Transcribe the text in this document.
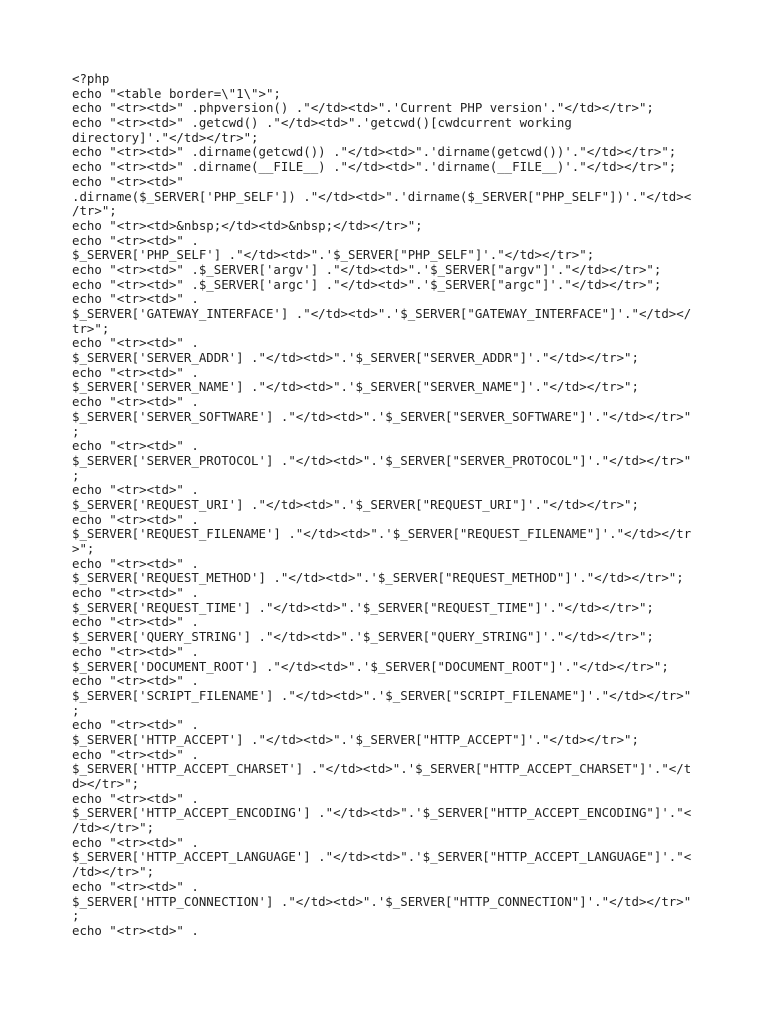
<?php
echo "<table border=\"1\">";
echo "<tr><td>" .phpversion() ."</td><td>".'Current PHP version'."</td></tr>";
echo "<tr><td>" .getcwd() ."</td><td>".'getcwd()[cwdcurrent working
directory]'."</td></tr>";
echo "<tr><td>" .dirname(getcwd()) ."</td><td>".'dirname(getcwd())'."</td></tr>";
echo "<tr><td>" .dirname(__FILE__) ."</td><td>".'dirname(__FILE__)'."</td></tr>";
echo "<tr><td>"
.dirname($_SERVER['PHP_SELF']) ."</td><td>".'dirname($_SERVER["PHP_SELF"])'."</td><
/tr>";
echo "<tr><td>&nbsp;</td><td>&nbsp;</td></tr>";
echo "<tr><td>" .
$_SERVER['PHP_SELF'] ."</td><td>".'$_SERVER["PHP_SELF"]'."</td></tr>";
echo "<tr><td>" .$_SERVER['argv'] ."</td><td>".'$_SERVER["argv"]'."</td></tr>";
echo "<tr><td>" .$_SERVER['argc'] ."</td><td>".'$_SERVER["argc"]'."</td></tr>";
echo "<tr><td>" .
$_SERVER['GATEWAY_INTERFACE'] ."</td><td>".'$_SERVER["GATEWAY_INTERFACE"]'."</td></
tr>";
echo "<tr><td>" .
$_SERVER['SERVER_ADDR'] ."</td><td>".'$_SERVER["SERVER_ADDR"]'."</td></tr>";
echo "<tr><td>" .
$_SERVER['SERVER_NAME'] ."</td><td>".'$_SERVER["SERVER_NAME"]'."</td></tr>";
echo "<tr><td>" .
$_SERVER['SERVER_SOFTWARE'] ."</td><td>".'$_SERVER["SERVER_SOFTWARE"]'."</td></tr>"
;
echo "<tr><td>" .
$_SERVER['SERVER_PROTOCOL'] ."</td><td>".'$_SERVER["SERVER_PROTOCOL"]'."</td></tr>"
;
echo "<tr><td>" .
$_SERVER['REQUEST_URI'] ."</td><td>".'$_SERVER["REQUEST_URI"]'."</td></tr>";
echo "<tr><td>" .
$_SERVER['REQUEST_FILENAME'] ."</td><td>".'$_SERVER["REQUEST_FILENAME"]'."</td></tr
>";
echo "<tr><td>" .
$_SERVER['REQUEST_METHOD'] ."</td><td>".'$_SERVER["REQUEST_METHOD"]'."</td></tr>";
echo "<tr><td>" .
$_SERVER['REQUEST_TIME'] ."</td><td>".'$_SERVER["REQUEST_TIME"]'."</td></tr>";
echo "<tr><td>" .
$_SERVER['QUERY_STRING'] ."</td><td>".'$_SERVER["QUERY_STRING"]'."</td></tr>";
echo "<tr><td>" .
$_SERVER['DOCUMENT_ROOT'] ."</td><td>".'$_SERVER["DOCUMENT_ROOT"]'."</td></tr>";
echo "<tr><td>" .
$_SERVER['SCRIPT_FILENAME'] ."</td><td>".'$_SERVER["SCRIPT_FILENAME"]'."</td></tr>"
;
echo "<tr><td>" .
$_SERVER['HTTP_ACCEPT'] ."</td><td>".'$_SERVER["HTTP_ACCEPT"]'."</td></tr>";
echo "<tr><td>" .
$_SERVER['HTTP_ACCEPT_CHARSET'] ."</td><td>".'$_SERVER["HTTP_ACCEPT_CHARSET"]'."</t
d></tr>";
echo "<tr><td>" .
$_SERVER['HTTP_ACCEPT_ENCODING'] ."</td><td>".'$_SERVER["HTTP_ACCEPT_ENCODING"]'."<
/td></tr>";
echo "<tr><td>" .
$_SERVER['HTTP_ACCEPT_LANGUAGE'] ."</td><td>".'$_SERVER["HTTP_ACCEPT_LANGUAGE"]'."<
/td></tr>";
echo "<tr><td>" .
$_SERVER['HTTP_CONNECTION'] ."</td><td>".'$_SERVER["HTTP_CONNECTION"]'."</td></tr>"
;
echo "<tr><td>" .
